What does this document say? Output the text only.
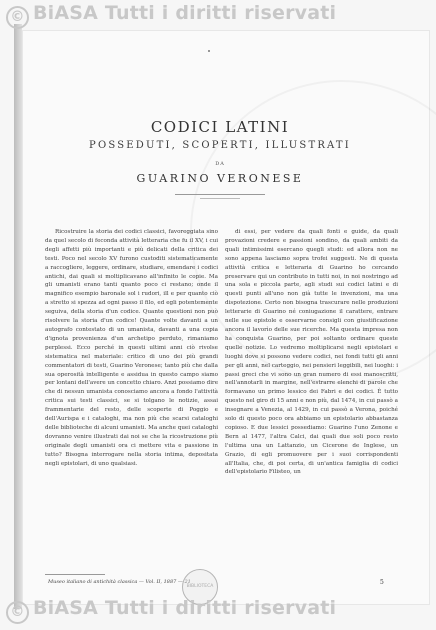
© BiASA Tutti i diritti riservati
CODICI LATINI
POSSEDUTI, SCOPERTI, ILLUSTRATI
DA
GUARINO VERONESE

Ricostruire la storia dei codici classici, favoreggiata sino da quel secolo di feconda attività letteraria che fu il XV, i cui degli affetti più importanti e più delicati della critica dei testi. Poco nel secolo XV furono custoditi sistematicamente a raccogliere, leggere, ordinare, studiare, emendare i codici antichi, dai quali si moltiplicavano all'infinito le copie. Ma gli umanisti erano tanti quanto poco ci restano; onde il magnifico esempio baronale sol i rudori, ill e per quanto ciò a stretto si spezza ad ogni passo il filo, ed egli potentemente seguiva, della storia d'un codice. Quante questioni non può risolvere la storia d'un codice! Quante volte davanti a un autografo contestato di un umanista, davanti a una copia d'ignota provenienza d'un archetipo perduto, rimaniamo perplessi. Ecco perché in questi ultimi anni ciò rivolse sistematica nel materiale: critico di uno dei più grandi commentatori di testi, Guarino Veronese; tanto più che dalla sua operosità intelligente e assidua in questo campo siamo per lontani dell'avere un concetto chiaro. Anzi possiamo dire che di nessun umanista conosciamo ancora a fondo l'attività critica sui testi classici, se si tolgano le notizie, assai frammentarie del resto, delle scoperte di Poggio e dell'Aurispa e i cataloghi, ma non più che scarsi cataloghi delle biblioteche di alcuni umanisti. Ma anche quei cataloghi dovranno venire illustrati dai noi se che la ricostruzione più originale degli umanisti ora ci mettere vita e passione in tutto? Bisogna interrogare nella storia intima, depositata negli epistolari, di uno qualsiasi.

di essi, per vedere da quali fonti e guide, da quali provazioni credere e passioni sondino, da quali ambiti da quali intimissimi esercano quegli studi: ed allora non ne sono appena lasciamo sopra trofei suggesti. Ne di questa attività critica e letteraria di Guarino ho cercando preservare qui un contributo in tutti noi, in noi nostringo ad una sola e piccola parte, agli studi sui codici latini e di questi punti all'uno non già tutte le invenzioni, ma una dispotezione. Certo non bisogna trascurare nelle produzioni letterarie di Guarino né coniugazione il carattere, entrare nelle sue epistole e osservarne consigli con giustificazione ancora il lavorìo delle sue ricerche. Ma questa impresa non ha conquista Guarino, per poi soltanto ordinare queste quelle notizie. Lo vedremo moltiplicarsi negli epistolari e luoghi dove si possono vedere codici, nei fondi tutti gli anni per gli anni, nel carteggio, nei pensieri leggibili, nei luoghi: i passi greci che vi sono un gran numero di essi manoscritti, nell'annotarli in margine, nell'estrarre elenchi di parole che formavano un primo lessico dei Fabri e dei codici. È tutto questo nel giro di 15 anni e non più, dal 1474, in cui passò a insegnare a Venezia, al 1429, in cui passò a Verona, poiché solo di questo poco ora abbiamo un epistolario abbastanza copioso. E due lessici possediamo: Guarino l'uno Zenone e Bern al 1477, l'altra Calci, dai quali due soli poco resto l'ultima una un Lattanzio, un Cicerone de Inglese, un Grazio, di egli promuovere per i suoi corrispondenti all'Italia, che, di poi certa, di un'antica famiglia di codici dell'epistolario Filisteo, un

Museo italiano di antichità classica — Vol. II, 1887 — 21
BIBLIOTECA
5
© BiASA Tutti i diritti riservati
